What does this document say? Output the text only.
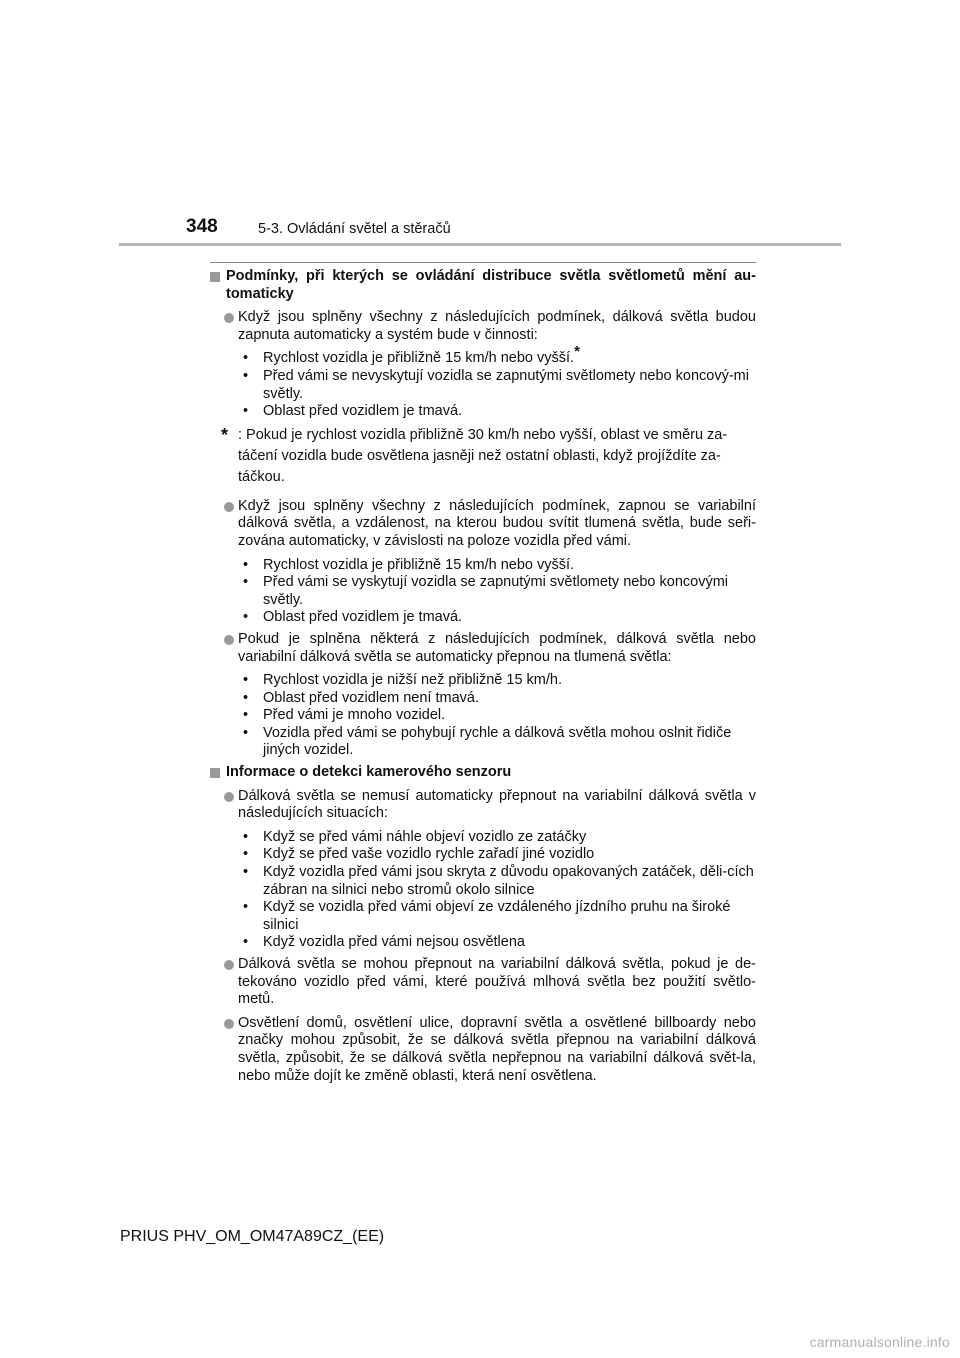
348	5-3. Ovládání světel a stěračů
Podmínky, při kterých se ovládání distribuce světla světlometů mění au-tomaticky
Když jsou splněny všechny z následujících podmínek, dálková světla budou zapnuta automaticky a systém bude v činnosti:
• Rychlost vozidla je přibližně 15 km/h nebo vyšší.*
• Před vámi se nevyskytují vozidla se zapnutými světlomety nebo koncový-mi světly.
• Oblast před vozidlem je tmavá.
* : Pokud je rychlost vozidla přibližně 30 km/h nebo vyšší, oblast ve směru za-táčení vozidla bude osvětlena jasněji než ostatní oblasti, když projíždíte za-táčkou.
Když jsou splněny všechny z následujících podmínek, zapnou se variabilní dálková světla, a vzdálenost, na kterou budou svítit tlumená světla, bude seři-zována automaticky, v závislosti na poloze vozidla před vámi.
• Rychlost vozidla je přibližně 15 km/h nebo vyšší.
• Před vámi se vyskytují vozidla se zapnutými světlomety nebo koncovými světly.
• Oblast před vozidlem je tmavá.
Pokud je splněna některá z následujících podmínek, dálková světla nebo variabilní dálková světla se automaticky přepnou na tlumená světla:
• Rychlost vozidla je nižší než přibližně 15 km/h.
• Oblast před vozidlem není tmavá.
• Před vámi je mnoho vozidel.
• Vozidla před vámi se pohybují rychle a dálková světla mohou oslnit řidiče jiných vozidel.
Informace o detekci kamerového senzoru
Dálková světla se nemusí automaticky přepnout na variabilní dálková světla v následujících situacích:
• Když se před vámi náhle objeví vozidlo ze zatáčky
• Když se před vaše vozidlo rychle zařadí jiné vozidlo
• Když vozidla před vámi jsou skryta z důvodu opakovaných zatáček, děli-cích zábran na silnici nebo stromů okolo silnice
• Když se vozidla před vámi objeví ze vzdáleného jízdního pruhu na široké silnici
• Když vozidla před vámi nejsou osvětlena
Dálková světla se mohou přepnout na variabilní dálková světla, pokud je de-tekováno vozidlo před vámi, které používá mlhová světla bez použití světlo-metů.
Osvětlení domů, osvětlení ulice, dopravní světla a osvětlené billboardy nebo značky mohou způsobit, že se dálková světla přepnou na variabilní dálková světla, způsobit, že se dálková světla nepřepnou na variabilní dálková svět-la, nebo může dojít ke změně oblasti, která není osvětlena.
PRIUS PHV_OM_OM47A89CZ_(EE)
carmanualsonline.info
